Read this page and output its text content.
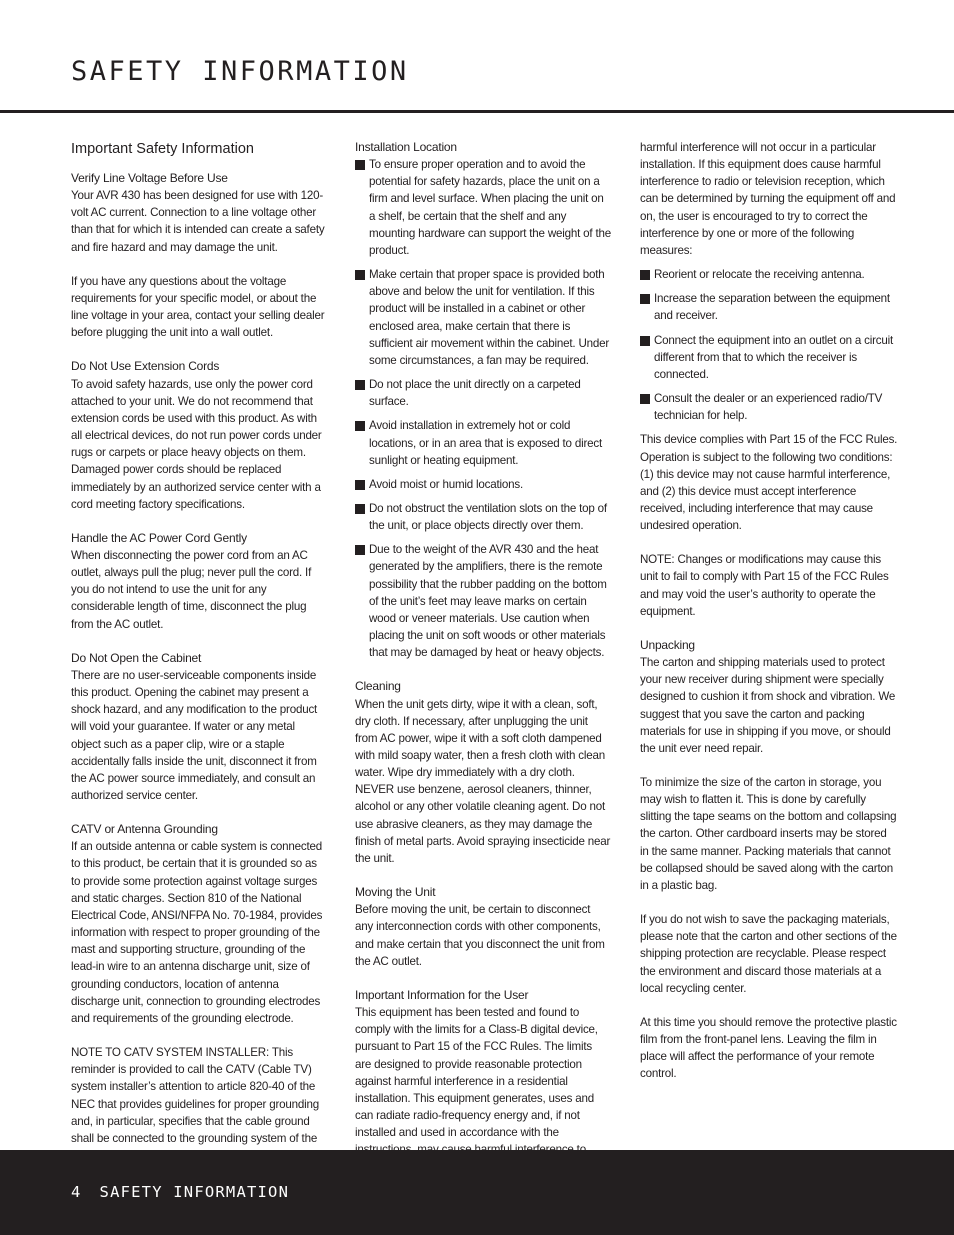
SAFETY INFORMATION
Important Safety Information

Verify Line Voltage Before Use

Your AVR 430 has been designed for use with 120-volt AC current. Connection to a line voltage other than that for which it is intended can create a safety and fire hazard and may damage the unit.

If you have any questions about the voltage requirements for your specific model, or about the line voltage in your area, contact your selling dealer before plugging the unit into a wall outlet.

Do Not Use Extension Cords

To avoid safety hazards, use only the power cord attached to your unit. We do not recommend that extension cords be used with this product. As with all electrical devices, do not run power cords under rugs or carpets or place heavy objects on them. Damaged power cords should be replaced immediately by an authorized service center with a cord meeting factory specifications.

Handle the AC Power Cord Gently

When disconnecting the power cord from an AC outlet, always pull the plug; never pull the cord. If you do not intend to use the unit for any considerable length of time, disconnect the plug from the AC outlet.

Do Not Open the Cabinet

There are no user-serviceable components inside this product. Opening the cabinet may present a shock hazard, and any modification to the product will void your guarantee. If water or any metal object such as a paper clip, wire or a staple accidentally falls inside the unit, disconnect it from the AC power source immediately, and consult an authorized service center.

CATV or Antenna Grounding

If an outside antenna or cable system is connected to this product, be certain that it is grounded so as to provide some protection against voltage surges and static charges. Section 810 of the National Electrical Code, ANSI/NFPA No. 70-1984, provides information with respect to proper grounding of the mast and supporting structure, grounding of the lead-in wire to an antenna discharge unit, size of grounding conductors, location of antenna discharge unit, connection to grounding electrodes and requirements of the grounding electrode.

NOTE TO CATV SYSTEM INSTALLER: This reminder is provided to call the CATV (Cable TV) system installer’s attention to article 820-40 of the NEC that provides guidelines for proper grounding and, in particular, specifies that the cable ground shall be connected to the grounding system of the

Installation Location

To ensure proper operation and to avoid the potential for safety hazards, place the unit on a firm and level surface. When placing the unit on a shelf, be certain that the shelf and any mounting hardware can support the weight of the product.

Make certain that proper space is provided both above and below the unit for ventilation. If this product will be installed in a cabinet or other enclosed area, make certain that there is sufficient air movement within the cabinet. Under some circumstances, a fan may be required.

Do not place the unit directly on a carpeted surface.

Avoid installation in extremely hot or cold locations, or in an area that is exposed to direct sunlight or heating equipment.

Avoid moist or humid locations.

Do not obstruct the ventilation slots on the top of the unit, or place objects directly over them.

Due to the weight of the AVR 430 and the heat generated by the amplifiers, there is the remote possibility that the rubber padding on the bottom of the unit’s feet may leave marks on certain wood or veneer materials. Use caution when placing the unit on soft woods or other materials that may be damaged by heat or heavy objects.

Cleaning

When the unit gets dirty, wipe it with a clean, soft, dry cloth. If necessary, after unplugging the unit from AC power, wipe it with a soft cloth dampened with mild soapy water, then a fresh cloth with clean water. Wipe dry immediately with a dry cloth. NEVER use benzene, aerosol cleaners, thinner, alcohol or any other volatile cleaning agent. Do not use abrasive cleaners, as they may damage the finish of metal parts. Avoid spraying insecticide near the unit.

Moving the Unit

Before moving the unit, be certain to disconnect any interconnection cords with other components, and make certain that you disconnect the unit from the AC outlet.

Important Information for the User

This equipment has been tested and found to comply with the limits for a Class-B digital device, pursuant to Part 15 of the FCC Rules. The limits are designed to provide reasonable protection against harmful interference in a residential installation. This equipment generates, uses and can radiate radio-frequency energy and, if not installed and used in accordance with the

harmful interference will not occur in a particular installation. If this equipment does cause harmful interference to radio or television reception, which can be determined by turning the equipment off and on, the user is encouraged to try to correct the interference by one or more of the following measures:

Reorient or relocate the receiving antenna.

Increase the separation between the equipment and receiver.

Connect the equipment into an outlet on a circuit different from that to which the receiver is connected.

Consult the dealer or an experienced radio/TV technician for help.

This device complies with Part 15 of the FCC Rules. Operation is subject to the following two conditions: (1) this device may not cause harmful interference, and (2) this device must accept interference received, including interference that may cause undesired operation.

NOTE: Changes or modifications may cause this unit to fail to comply with Part 15 of the FCC Rules and may void the user’s authority to operate the equipment.

Unpacking

The carton and shipping materials used to protect your new receiver during shipment were specially designed to cushion it from shock and vibration. We suggest that you save the carton and packing materials for use in shipping if you move, or should the unit ever need repair.

To minimize the size of the carton in storage, you may wish to flatten it. This is done by carefully slitting the tape seams on the bottom and collapsing the carton. Other cardboard inserts may be stored in the same manner. Packing materials that cannot be collapsed should be saved along with the carton in a plastic bag.

If you do not wish to save the packaging materials, please note that the carton and other sections of the shipping protection are recyclable. Please respect the environment and discard those materials at a local recycling center.

At this time you should remove the protective plastic film from the front-panel lens. Leaving the film in place will affect the performance of your remote control.

4 SAFETY INFORMATION
